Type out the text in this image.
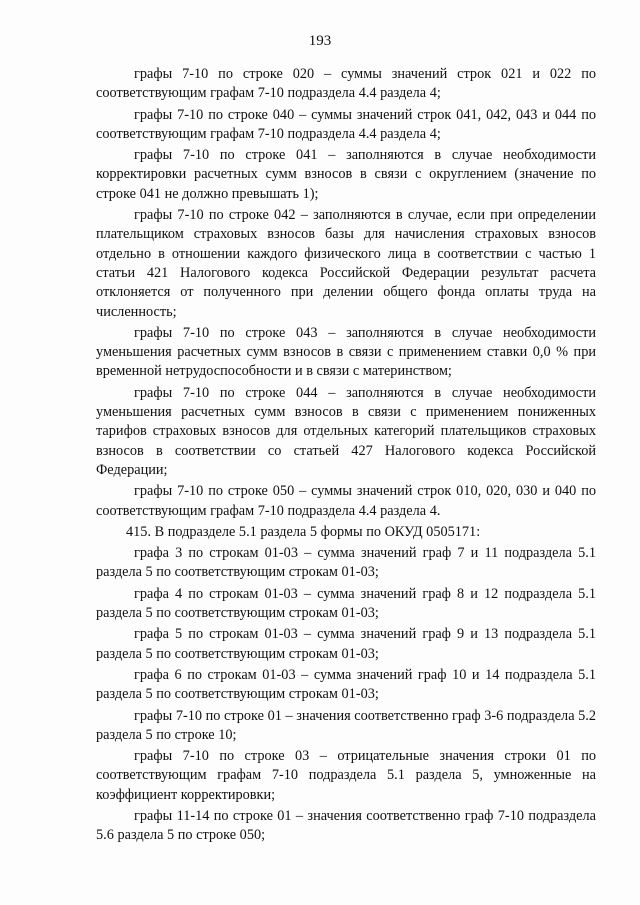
193

графы 7-10 по строке 020 – суммы значений строк 021 и 022 по соответствующим графам 7-10 подраздела 4.4 раздела 4;

графы 7-10 по строке 040 – суммы значений строк 041, 042, 043 и 044 по соответствующим графам 7-10 подраздела 4.4 раздела 4;

графы 7-10 по строке 041 – заполняются в случае необходимости корректировки расчетных сумм взносов в связи с округлением (значение по строке 041 не должно превышать 1);

графы 7-10 по строке 042 – заполняются в случае, если при определении плательщиком страховых взносов базы для начисления страховых взносов отдельно в отношении каждого физического лица в соответствии с частью 1 статьи 421 Налогового кодекса Российской Федерации результат расчета отклоняется от полученного при делении общего фонда оплаты труда на численность;

графы 7-10 по строке 043 – заполняются в случае необходимости уменьшения расчетных сумм взносов в связи с применением ставки 0,0 % при временной нетрудоспособности и в связи с материнством;

графы 7-10 по строке 044 – заполняются в случае необходимости уменьшения расчетных сумм взносов в связи с применением пониженных тарифов страховых взносов для отдельных категорий плательщиков страховых взносов в соответствии со статьей 427 Налогового кодекса Российской Федерации;

графы 7-10 по строке 050 – суммы значений строк 010, 020, 030 и 040 по соответствующим графам 7-10 подраздела 4.4 раздела 4.

415. В подразделе 5.1 раздела 5 формы по ОКУД 0505171:

графа 3 по строкам 01-03 – сумма значений граф 7 и 11 подраздела 5.1 раздела 5 по соответствующим строкам 01-03;

графа 4 по строкам 01-03 – сумма значений граф 8 и 12 подраздела 5.1 раздела 5 по соответствующим строкам 01-03;

графа 5 по строкам 01-03 – сумма значений граф 9 и 13 подраздела 5.1 раздела 5 по соответствующим строкам 01-03;

графа 6 по строкам 01-03 – сумма значений граф 10 и 14 подраздела 5.1 раздела 5 по соответствующим строкам 01-03;

графы 7-10 по строке 01 – значения соответственно граф 3-6 подраздела 5.2 раздела 5 по строке 10;

графы 7-10 по строке 03 – отрицательные значения строки 01 по соответствующим графам 7-10 подраздела 5.1 раздела 5, умноженные на коэффициент корректировки;

графы 11-14 по строке 01 – значения соответственно граф 7-10 подраздела 5.6 раздела 5 по строке 050;
